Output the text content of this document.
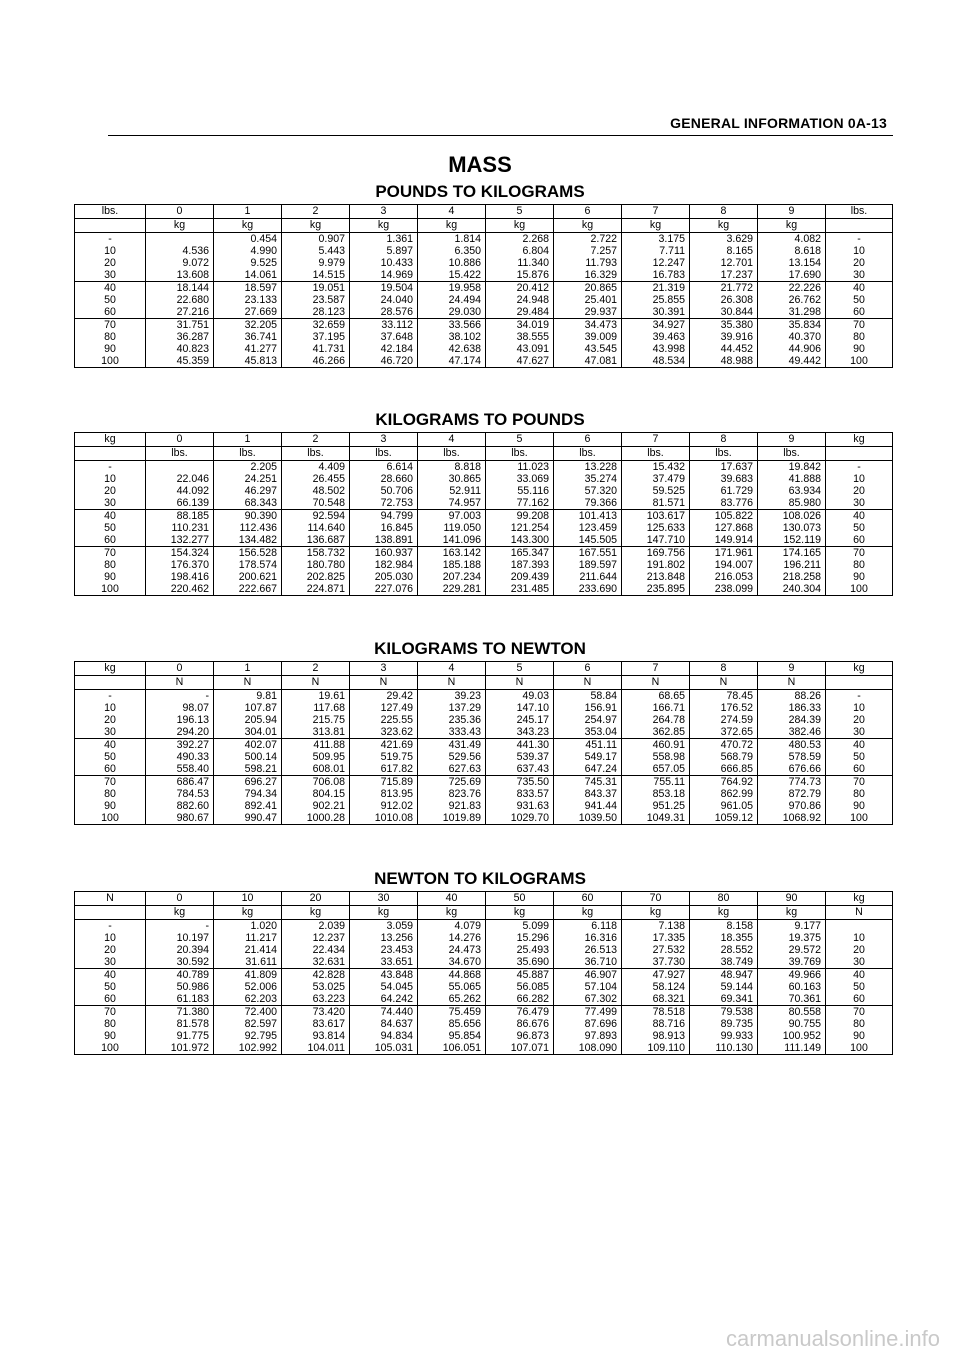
GENERAL INFORMATION 0A-13
MASS
POUNDS TO KILOGRAMS
lbs.	0	1	2	3	4	5	6	7	8	9	lbs.
	kg	kg	kg	kg	kg	kg	kg	kg	kg	kg	
-		0.454	0.907	1.361	1.814	2.268	2.722	3.175	3.629	4.082	-
10	4.536	4.990	5.443	5.897	6.350	6.804	7.257	7.711	8.165	8.618	10
20	9.072	9.525	9.979	10.433	10.886	11.340	11.793	12.247	12.701	13.154	20
30	13.608	14.061	14.515	14.969	15.422	15.876	16.329	16.783	17.237	17.690	30
40	18.144	18.597	19.051	19.504	19.958	20.412	20.865	21.319	21.772	22.226	40
50	22.680	23.133	23.587	24.040	24.494	24.948	25.401	25.855	26.308	26.762	50
60	27.216	27.669	28.123	28.576	29.030	29.484	29.937	30.391	30.844	31.298	60
70	31.751	32.205	32.659	33.112	33.566	34.019	34.473	34.927	35.380	35.834	70
80	36.287	36.741	37.195	37.648	38.102	38.555	39.009	39.463	39.916	40.370	80
90	40.823	41.277	41.731	42.184	42.638	43.091	43.545	43.998	44.452	44.906	90
100	45.359	45.813	46.266	46.720	47.174	47.627	47.081	48.534	48.988	49.442	100
KILOGRAMS TO POUNDS
kg	0	1	2	3	4	5	6	7	8	9	kg
	lbs.	lbs.	lbs.	lbs.	lbs.	lbs.	lbs.	lbs.	lbs.	lbs.	
-		2.205	4.409	6.614	8.818	11.023	13.228	15.432	17.637	19.842	-
10	22.046	24.251	26.455	28.660	30.865	33.069	35.274	37.479	39.683	41.888	10
20	44.092	46.297	48.502	50.706	52.911	55.116	57.320	59.525	61.729	63.934	20
30	66.139	68.343	70.548	72.753	74.957	77.162	79.366	81.571	83.776	85.980	30
40	88.185	90.390	92.594	94.799	97.003	99.208	101.413	103.617	105.822	108.026	40
50	110.231	112.436	114.640	16.845	119.050	121.254	123.459	125.633	127.868	130.073	50
60	132.277	134.482	136.687	138.891	141.096	143.300	145.505	147.710	149.914	152.119	60
70	154.324	156.528	158.732	160.937	163.142	165.347	167.551	169.756	171.961	174.165	70
80	176.370	178.574	180.780	182.984	185.188	187.393	189.597	191.802	194.007	196.211	80
90	198.416	200.621	202.825	205.030	207.234	209.439	211.644	213.848	216.053	218.258	90
100	220.462	222.667	224.871	227.076	229.281	231.485	233.690	235.895	238.099	240.304	100
KILOGRAMS TO NEWTON
kg	0	1	2	3	4	5	6	7	8	9	kg
	N	N	N	N	N	N	N	N	N	N	
-	-	9.81	19.61	29.42	39.23	49.03	58.84	68.65	78.45	88.26	-
10	98.07	107.87	117.68	127.49	137.29	147.10	156.91	166.71	176.52	186.33	10
20	196.13	205.94	215.75	225.55	235.36	245.17	254.97	264.78	274.59	284.39	20
30	294.20	304.01	313.81	323.62	333.43	343.23	353.04	362.85	372.65	382.46	30
40	392.27	402.07	411.88	421.69	431.49	441.30	451.11	460.91	470.72	480.53	40
50	490.33	500.14	509.95	519.75	529.56	539.37	549.17	558.98	568.79	578.59	50
60	558.40	598.21	608.01	617.82	627.63	637.43	647.24	657.05	666.85	676.66	60
70	686.47	696.27	706.08	715.89	725.69	735.50	745.31	755.11	764.92	774.73	70
80	784.53	794.34	804.15	813.95	823.76	833.57	843.37	853.18	862.99	872.79	80
90	882.60	892.41	902.21	912.02	921.83	931.63	941.44	951.25	961.05	970.86	90
100	980.67	990.47	1000.28	1010.08	1019.89	1029.70	1039.50	1049.31	1059.12	1068.92	100
NEWTON TO KILOGRAMS
N	0	10	20	30	40	50	60	70	80	90	kg
	kg	kg	kg	kg	kg	kg	kg	kg	kg	kg	N
-	-	1.020	2.039	3.059	4.079	5.099	6.118	7.138	8.158	9.177	
10	10.197	11.217	12.237	13.256	14.276	15.296	16.316	17.335	18.355	19.375	10
20	20.394	21.414	22.434	23.453	24.473	25.493	26.513	27.532	28.552	29.572	20
30	30.592	31.611	32.631	33.651	34.670	35.690	36.710	37.730	38.749	39.769	30
40	40.789	41.809	42.828	43.848	44.868	45.887	46.907	47.927	48.947	49.966	40
50	50.986	52.006	53.025	54.045	55.065	56.085	57.104	58.124	59.144	60.163	50
60	61.183	62.203	63.223	64.242	65.262	66.282	67.302	68.321	69.341	70.361	60
70	71.380	72.400	73.420	74.440	75.459	76.479	77.499	78.518	79.538	80.558	70
80	81.578	82.597	83.617	84.637	85.656	86.676	87.696	88.716	89.735	90.755	80
90	91.775	92.795	93.814	94.834	95.854	96.873	97.893	98.913	99.933	100.952	90
100	101.972	102.992	104.011	105.031	106.051	107.071	108.090	109.110	110.130	111.149	100
carmanualsonline.info
